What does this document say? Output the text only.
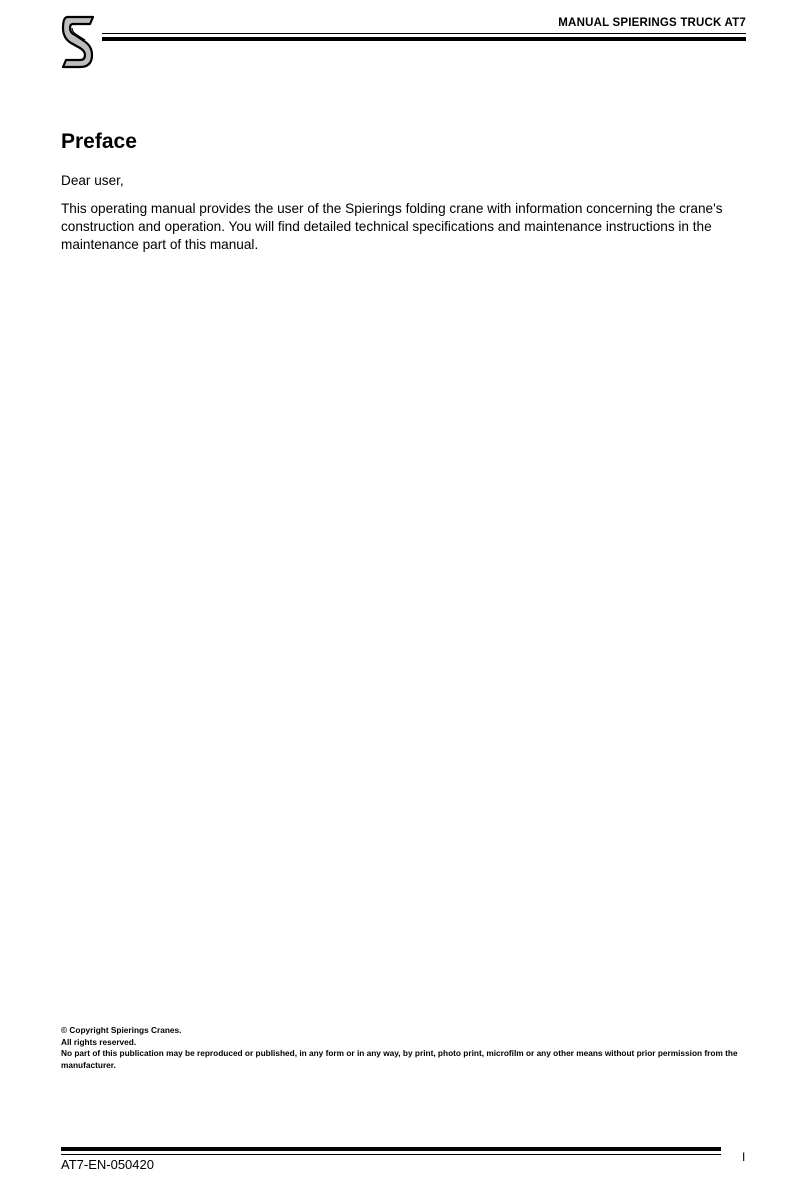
MANUAL SPIERINGS TRUCK AT7
Preface

Dear user,

This operating manual provides the user of the Spierings folding crane with information concerning the crane's construction and operation. You will find detailed technical specifications and maintenance instructions in the maintenance part of this manual.

© Copyright Spierings Cranes.

All rights reserved.

No part of this publication may be reproduced or published, in any form or in any way, by print, photo print, microfilm or any other means without prior permission from the manufacturer.

AT7-EN-050420	I
